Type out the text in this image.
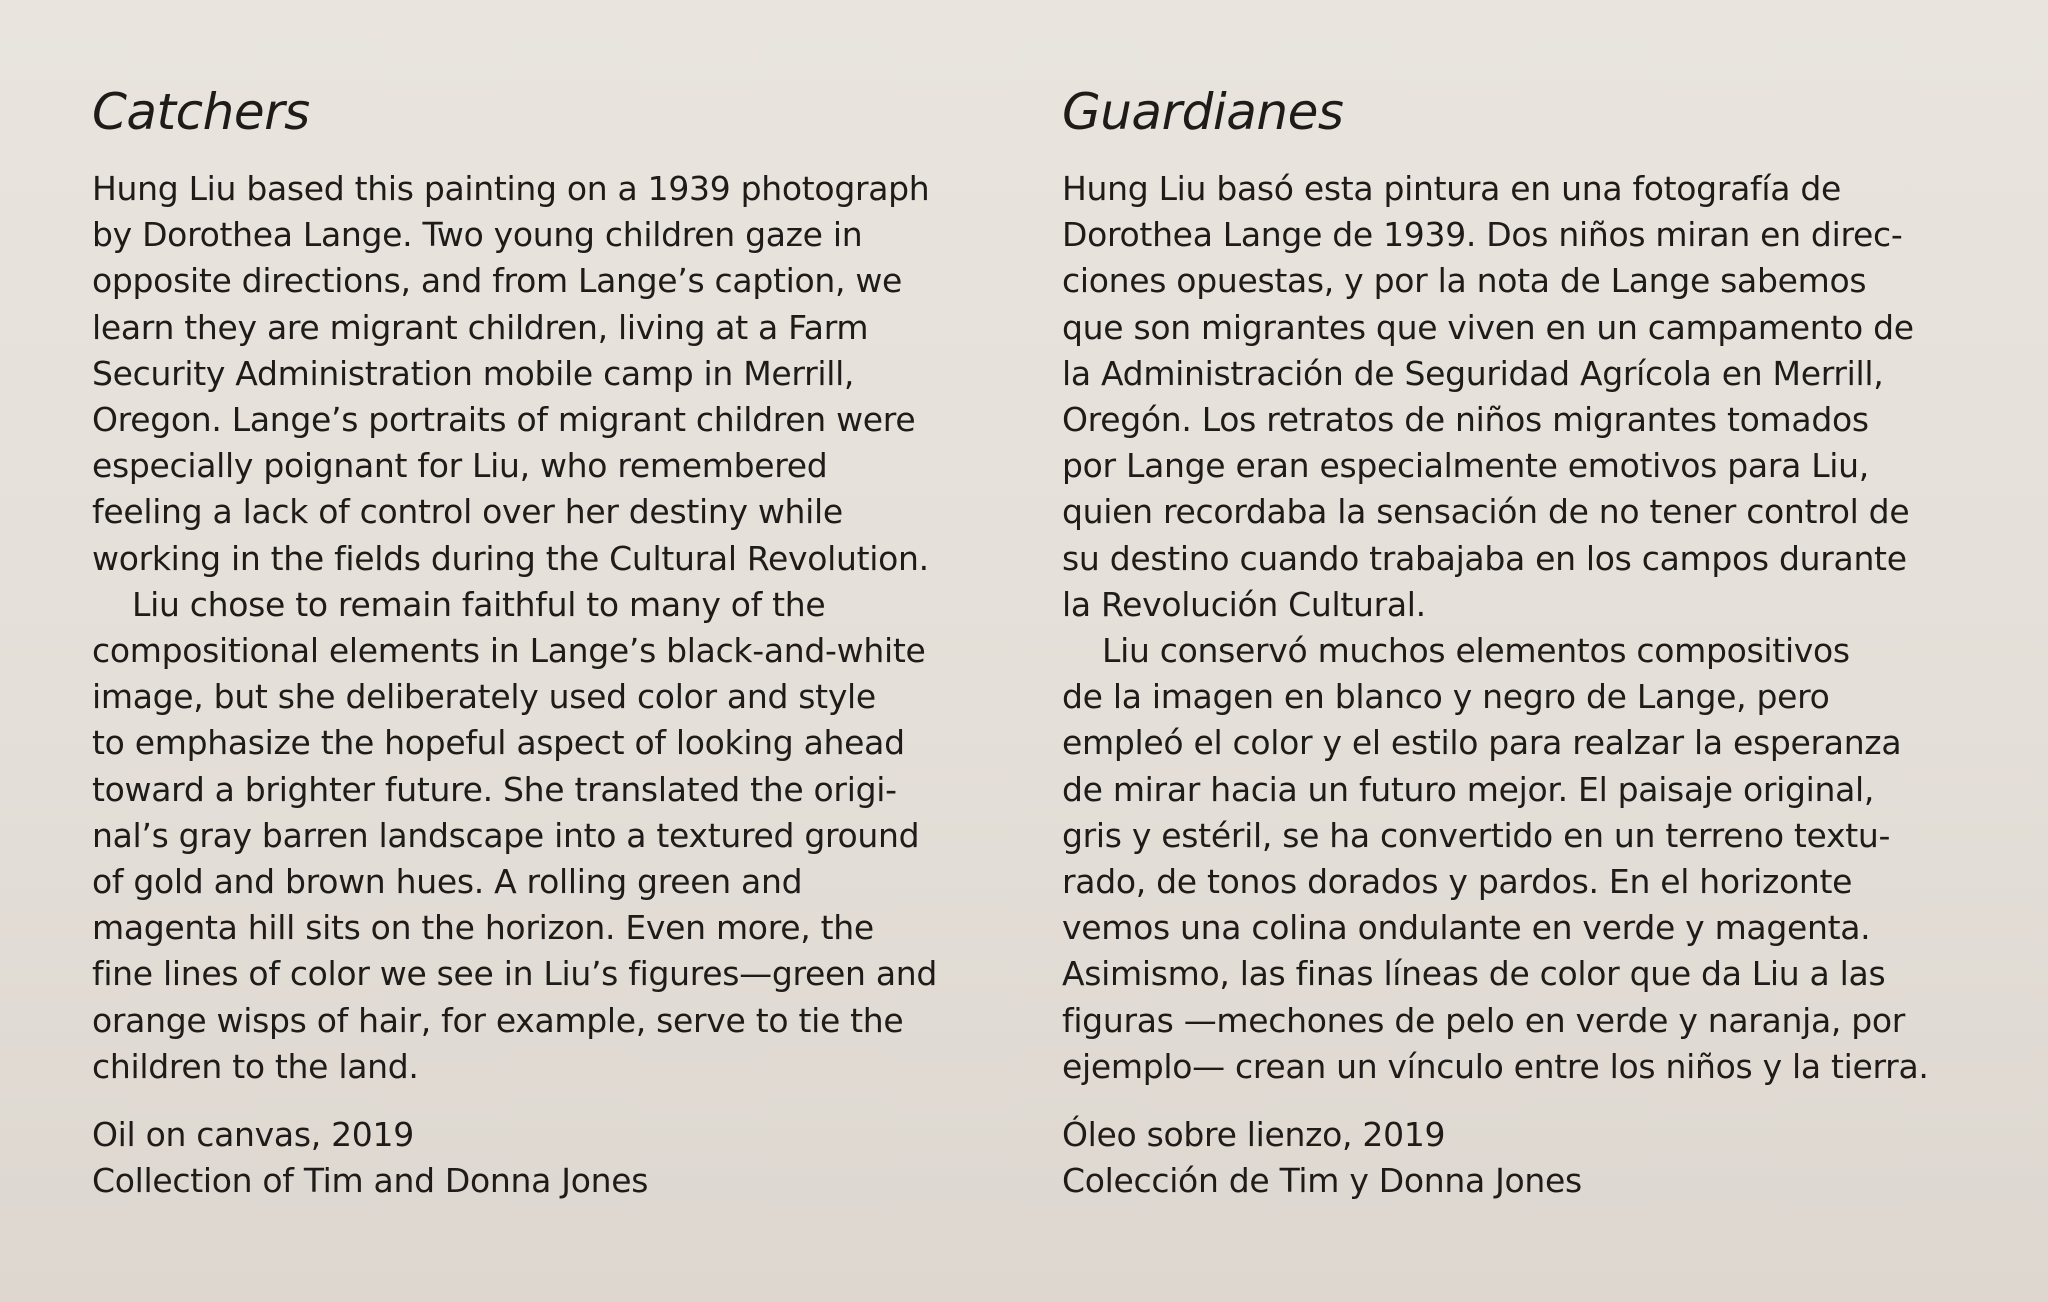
Catchers
Hung Liu based this painting on a 1939 photograph
by Dorothea Lange. Two young children gaze in
opposite directions, and from Lange’s caption, we
learn they are migrant children, living at a Farm
Security Administration mobile camp in Merrill,
Oregon. Lange’s portraits of migrant children were
especially poignant for Liu, who remembered
feeling a lack of control over her destiny while
working in the fields during the Cultural Revolution.
Liu chose to remain faithful to many of the
compositional elements in Lange’s black-and-white
image, but she deliberately used color and style
to emphasize the hopeful aspect of looking ahead
toward a brighter future. She translated the origi-
nal’s gray barren landscape into a textured ground
of gold and brown hues. A rolling green and
magenta hill sits on the horizon. Even more, the
fine lines of color we see in Liu’s figures—green and
orange wisps of hair, for example, serve to tie the
children to the land.
Oil on canvas, 2019
Collection of Tim and Donna Jones
Guardianes
Hung Liu basó esta pintura en una fotografía de
Dorothea Lange de 1939. Dos niños miran en direc-
ciones opuestas, y por la nota de Lange sabemos
que son migrantes que viven en un campamento de
la Administración de Seguridad Agrícola en Merrill,
Oregón. Los retratos de niños migrantes tomados
por Lange eran especialmente emotivos para Liu,
quien recordaba la sensación de no tener control de
su destino cuando trabajaba en los campos durante
la Revolución Cultural.
Liu conservó muchos elementos compositivos
de la imagen en blanco y negro de Lange, pero
empleó el color y el estilo para realzar la esperanza
de mirar hacia un futuro mejor. El paisaje original,
gris y estéril, se ha convertido en un terreno textu-
rado, de tonos dorados y pardos. En el horizonte
vemos una colina ondulante en verde y magenta.
Asimismo, las finas líneas de color que da Liu a las
figuras —mechones de pelo en verde y naranja, por
ejemplo— crean un vínculo entre los niños y la tierra.
Óleo sobre lienzo, 2019
Colección de Tim y Donna Jones
